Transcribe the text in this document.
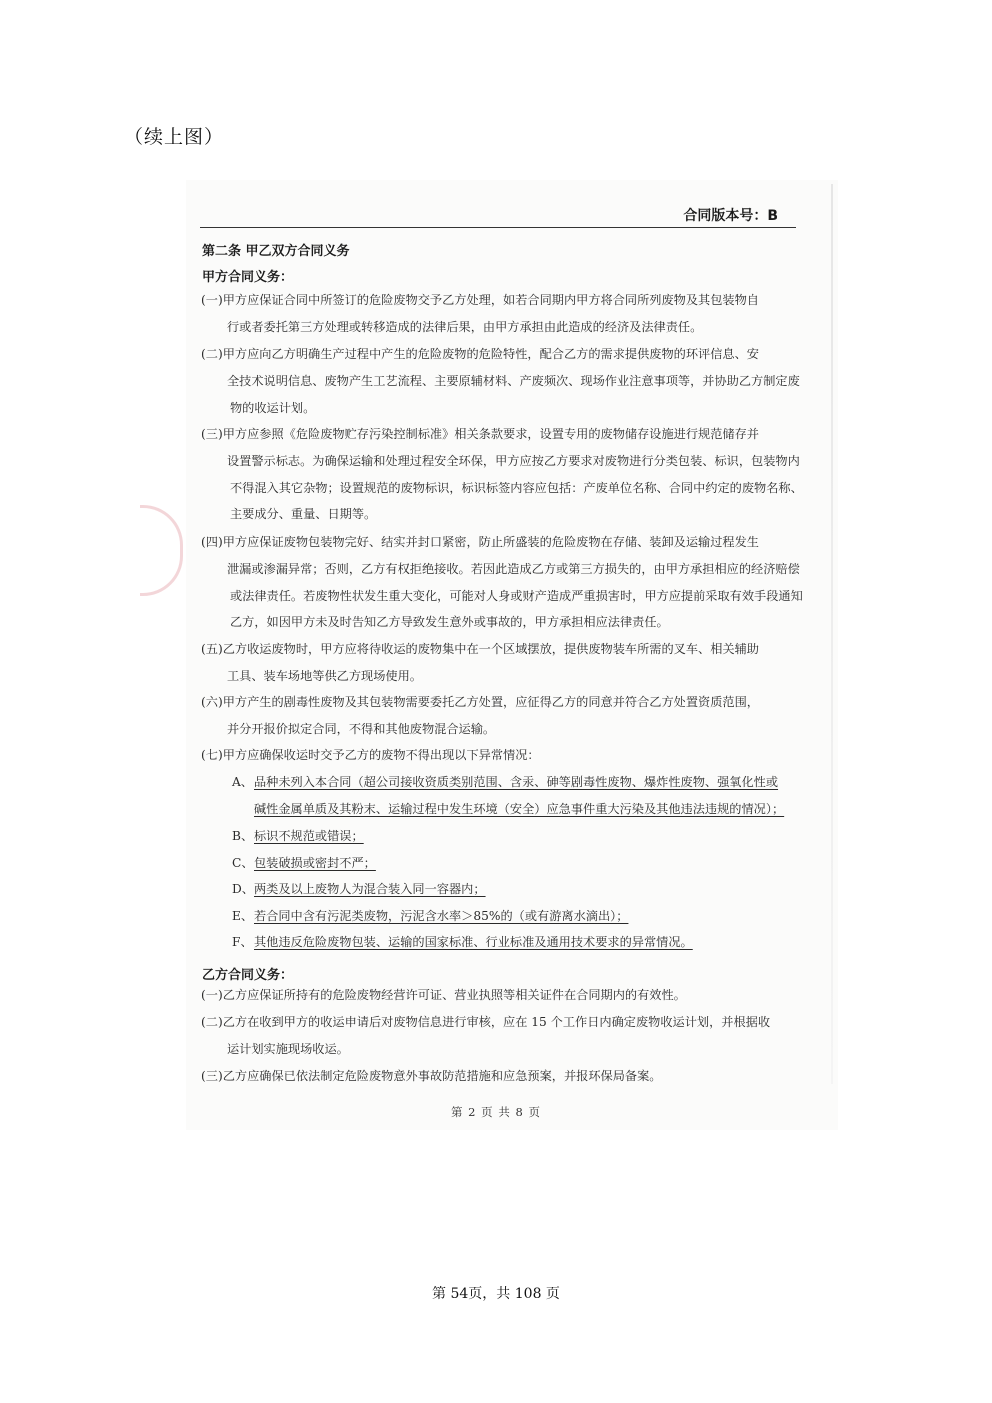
（续上图）
合同版本号：B
第二条 甲乙双方合同义务
甲方合同义务：
(一)甲方应保证合同中所签订的危险废物交予乙方处理，如若合同期内甲方将合同所列废物及其包装物自
行或者委托第三方处理或转移造成的法律后果，由甲方承担由此造成的经济及法律责任。
(二)甲方应向乙方明确生产过程中产生的危险废物的危险特性，配合乙方的需求提供废物的环评信息、安
全技术说明信息、废物产生工艺流程、主要原辅材料、产废频次、现场作业注意事项等，并协助乙方制定废物的收运计划。
(三)甲方应参照《危险废物贮存污染控制标准》相关条款要求，设置专用的废物储存设施进行规范储存并
设置警示标志。为确保运输和处理过程安全环保，甲方应按乙方要求对废物进行分类包装、标识，包装物内不得混入其它杂物；设置规范的废物标识，标识标签内容应包括：产废单位名称、合同中约定的废物名称、主要成分、重量、日期等。
(四)甲方应保证废物包装物完好、结实并封口紧密，防止所盛装的危险废物在存储、装卸及运输过程发生
泄漏或渗漏异常；否则，乙方有权拒绝接收。若因此造成乙方或第三方损失的，由甲方承担相应的经济赔偿或法律责任。若废物性状发生重大变化，可能对人身或财产造成严重损害时，甲方应提前采取有效手段通知乙方，如因甲方未及时告知乙方导致发生意外或事故的，甲方承担相应法律责任。
(五)乙方收运废物时，甲方应将待收运的废物集中在一个区域摆放，提供废物装车所需的叉车、相关辅助
工具、装车场地等供乙方现场使用。
(六)甲方产生的剧毒性废物及其包装物需要委托乙方处置，应征得乙方的同意并符合乙方处置资质范围，
并分开报价拟定合同，不得和其他废物混合运输。
(七)甲方应确保收运时交予乙方的废物不得出现以下异常情况：
A、品种未列入本合同（超公司接收资质类别范围、含汞、砷等剧毒性废物、爆炸性废物、强氧化性或
碱性金属单质及其粉末、运输过程中发生环境（安全）应急事件重大污染及其他违法违规的情况）；
B、标识不规范或错误；
C、包装破损或密封不严；
D、两类及以上废物人为混合装入同一容器内；
E、若合同中含有污泥类废物，污泥含水率＞85%的（或有游离水滴出）；
F、其他违反危险废物包装、运输的国家标准、行业标准及通用技术要求的异常情况。
乙方合同义务：
(一)乙方应保证所持有的危险废物经营许可证、营业执照等相关证件在合同期内的有效性。
(二)乙方在收到甲方的收运申请后对废物信息进行审核，应在 15 个工作日内确定废物收运计划，并根据收
运计划实施现场收运。
(三)乙方应确保已依法制定危险废物意外事故防范措施和应急预案，并报环保局备案。
第 2 页 共 8 页
第 54页，共 108 页
